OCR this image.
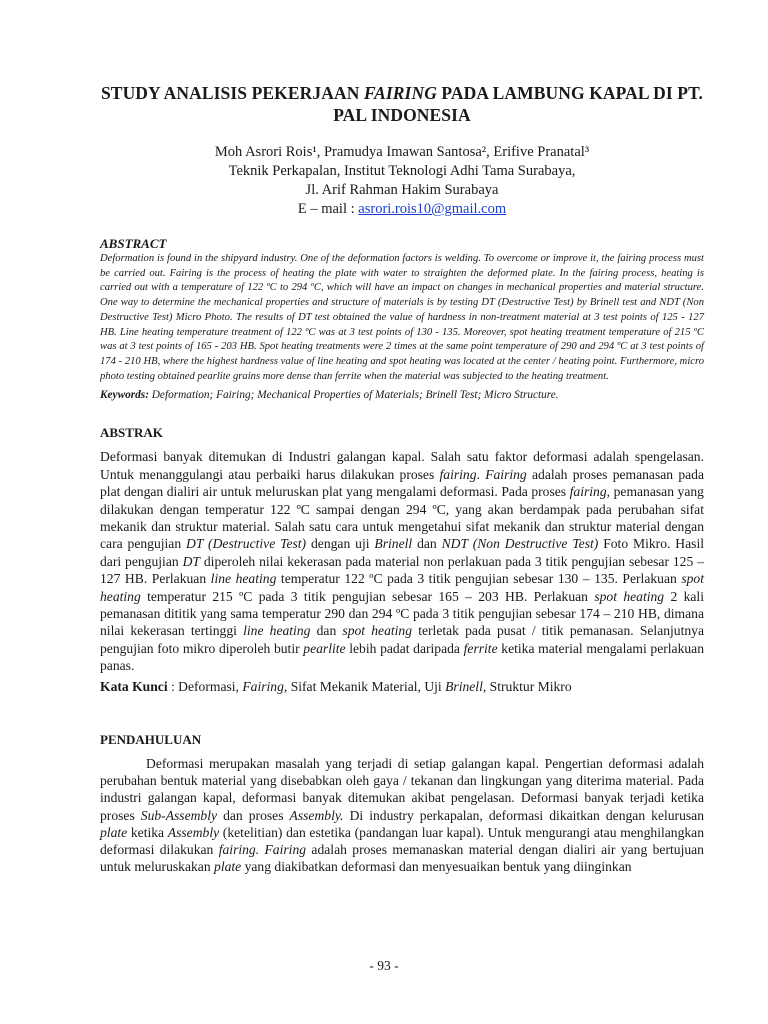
STUDY ANALISIS PEKERJAAN FAIRING PADA LAMBUNG KAPAL DI PT. PAL INDONESIA
Moh Asrori Rois¹, Pramudya Imawan Santosa², Erifive Pranatal³
Teknik Perkapalan, Institut Teknologi Adhi Tama Surabaya,
Jl. Arif Rahman Hakim Surabaya
E – mail : asrori.rois10@gmail.com
ABSTRACT

Deformation is found in the shipyard industry. One of the deformation factors is welding. To overcome or improve it, the fairing process must be carried out. Fairing is the process of heating the plate with water to straighten the deformed plate. In the fairing process, heating is carried out with a temperature of 122 ºC to 294 ºC, which will have an impact on changes in mechanical properties and material structure. One way to determine the mechanical properties and structure of materials is by testing DT (Destructive Test) by Brinell test and NDT (Non Destructive Test) Micro Photo. The results of DT test obtained the value of hardness in non-treatment material at 3 test points of 125 - 127 HB. Line heating temperature treatment of 122 ºC was at 3 test points of 130 - 135. Moreover, spot heating treatment temperature of 215 ºC was at 3 test points of 165 - 203 HB. Spot heating treatments were 2 times at the same point temperature of 290 and 294 ºC at 3 test points of 174 - 210 HB, where the highest hardness value of line heating and spot heating was located at the center / heating point. Furthermore, micro photo testing obtained pearlite grains more dense than ferrite when the material was subjected to the heating treatment.

Keywords: Deformation; Fairing; Mechanical Properties of Materials; Brinell Test; Micro Structure.
ABSTRAK

Deformasi banyak ditemukan di Industri galangan kapal. Salah satu faktor deformasi adalah spengelasan. Untuk menanggulangi atau perbaiki harus dilakukan proses fairing. Fairing adalah proses pemanasan pada plat dengan dialiri air untuk meluruskan plat yang mengalami deformasi. Pada proses fairing, pemanasan yang dilakukan dengan temperatur 122 ºC sampai dengan 294 ºC, yang akan berdampak pada perubahan sifat mekanik dan struktur material. Salah satu cara untuk mengetahui sifat mekanik dan struktur material dengan cara pengujian DT (Destructive Test) dengan uji Brinell dan NDT (Non Destructive Test) Foto Mikro. Hasil dari pengujian DT diperoleh nilai kekerasan pada material non perlakuan pada 3 titik pengujian sebesar 125 – 127 HB. Perlakuan line heating temperatur 122 ºC pada 3 titik pengujian sebesar 130 – 135. Perlakuan spot heating temperatur 215 ºC pada 3 titik pengujian sebesar 165 – 203 HB. Perlakuan spot heating 2 kali pemanasan dititik yang sama temperatur 290 dan 294 ºC pada 3 titik pengujian sebesar 174 – 210 HB, dimana nilai kekerasan tertinggi line heating dan spot heating terletak pada pusat / titik pemanasan. Selanjutnya pengujian foto mikro diperoleh butir pearlite lebih padat daripada ferrite ketika material mengalami perlakuan panas.

Kata Kunci : Deformasi, Fairing, Sifat Mekanik Material, Uji Brinell, Struktur Mikro
PENDAHULUAN

Deformasi merupakan masalah yang terjadi di setiap galangan kapal. Pengertian deformasi adalah perubahan bentuk material yang disebabkan oleh gaya / tekanan dan lingkungan yang diterima material. Pada industri galangan kapal, deformasi banyak ditemukan akibat pengelasan. Deformasi banyak terjadi ketika proses Sub-Assembly dan proses Assembly. Di industry perkapalan, deformasi dikaitkan dengan kelurusan plate ketika Assembly (ketelitian) dan estetika (pandangan luar kapal). Untuk mengurangi atau menghilangkan deformasi dilakukan fairing. Fairing adalah proses memanaskan material dengan dialiri air yang bertujuan untuk meluruskakan plate yang diakibatkan deformasi dan menyesuaikan bentuk yang diinginkan

- 93 -
